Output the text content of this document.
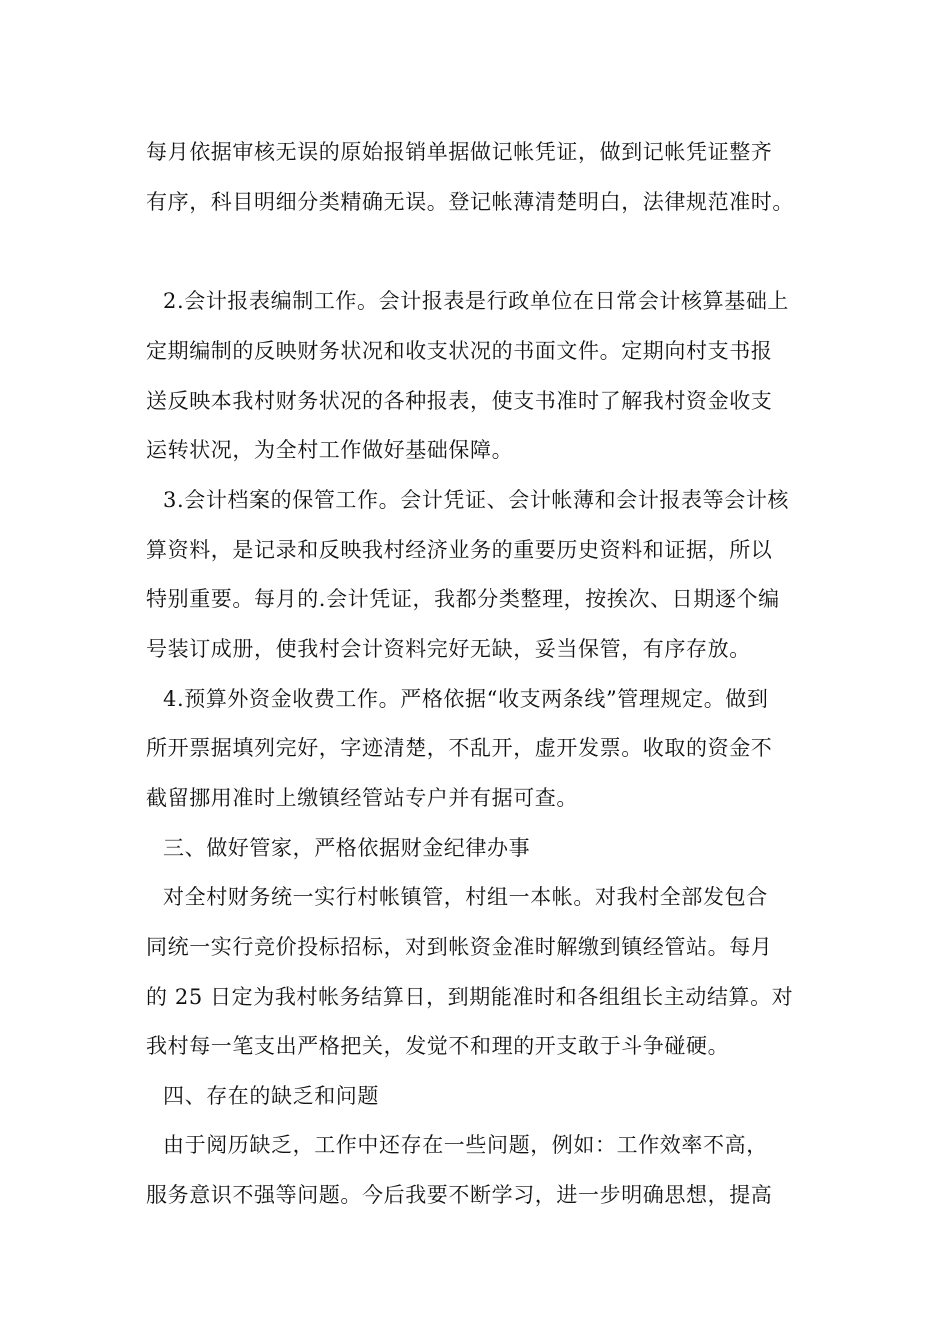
每月依据审核无误的原始报销单据做记帐凭证，做到记帐凭证整齐
有序，科目明细分类精确无误。登记帐薄清楚明白，法律规范准时。
2.会计报表编制工作。会计报表是行政单位在日常会计核算基础上
定期编制的反映财务状况和收支状况的书面文件。定期向村支书报
送反映本我村财务状况的各种报表，使支书准时了解我村资金收支
运转状况，为全村工作做好基础保障。
3.会计档案的保管工作。会计凭证、会计帐薄和会计报表等会计核
算资料，是记录和反映我村经济业务的重要历史资料和证据，所以
特别重要。每月的.会计凭证，我都分类整理，按挨次、日期逐个编
号装订成册，使我村会计资料完好无缺，妥当保管，有序存放。
4.预算外资金收费工作。严格依据“收支两条线”管理规定。做到
所开票据填列完好，字迹清楚，不乱开，虚开发票。收取的资金不
截留挪用准时上缴镇经管站专户并有据可查。
三、做好管家，严格依据财金纪律办事
对全村财务统一实行村帐镇管，村组一本帐。对我村全部发包合
同统一实行竞价投标招标，对到帐资金准时解缴到镇经管站。每月
的 25 日定为我村帐务结算日，到期能准时和各组组长主动结算。对
我村每一笔支出严格把关，发觉不和理的开支敢于斗争碰硬。
四、存在的缺乏和问题
由于阅历缺乏，工作中还存在一些问题，例如：工作效率不高，
服务意识不强等问题。今后我要不断学习，进一步明确思想，提高
